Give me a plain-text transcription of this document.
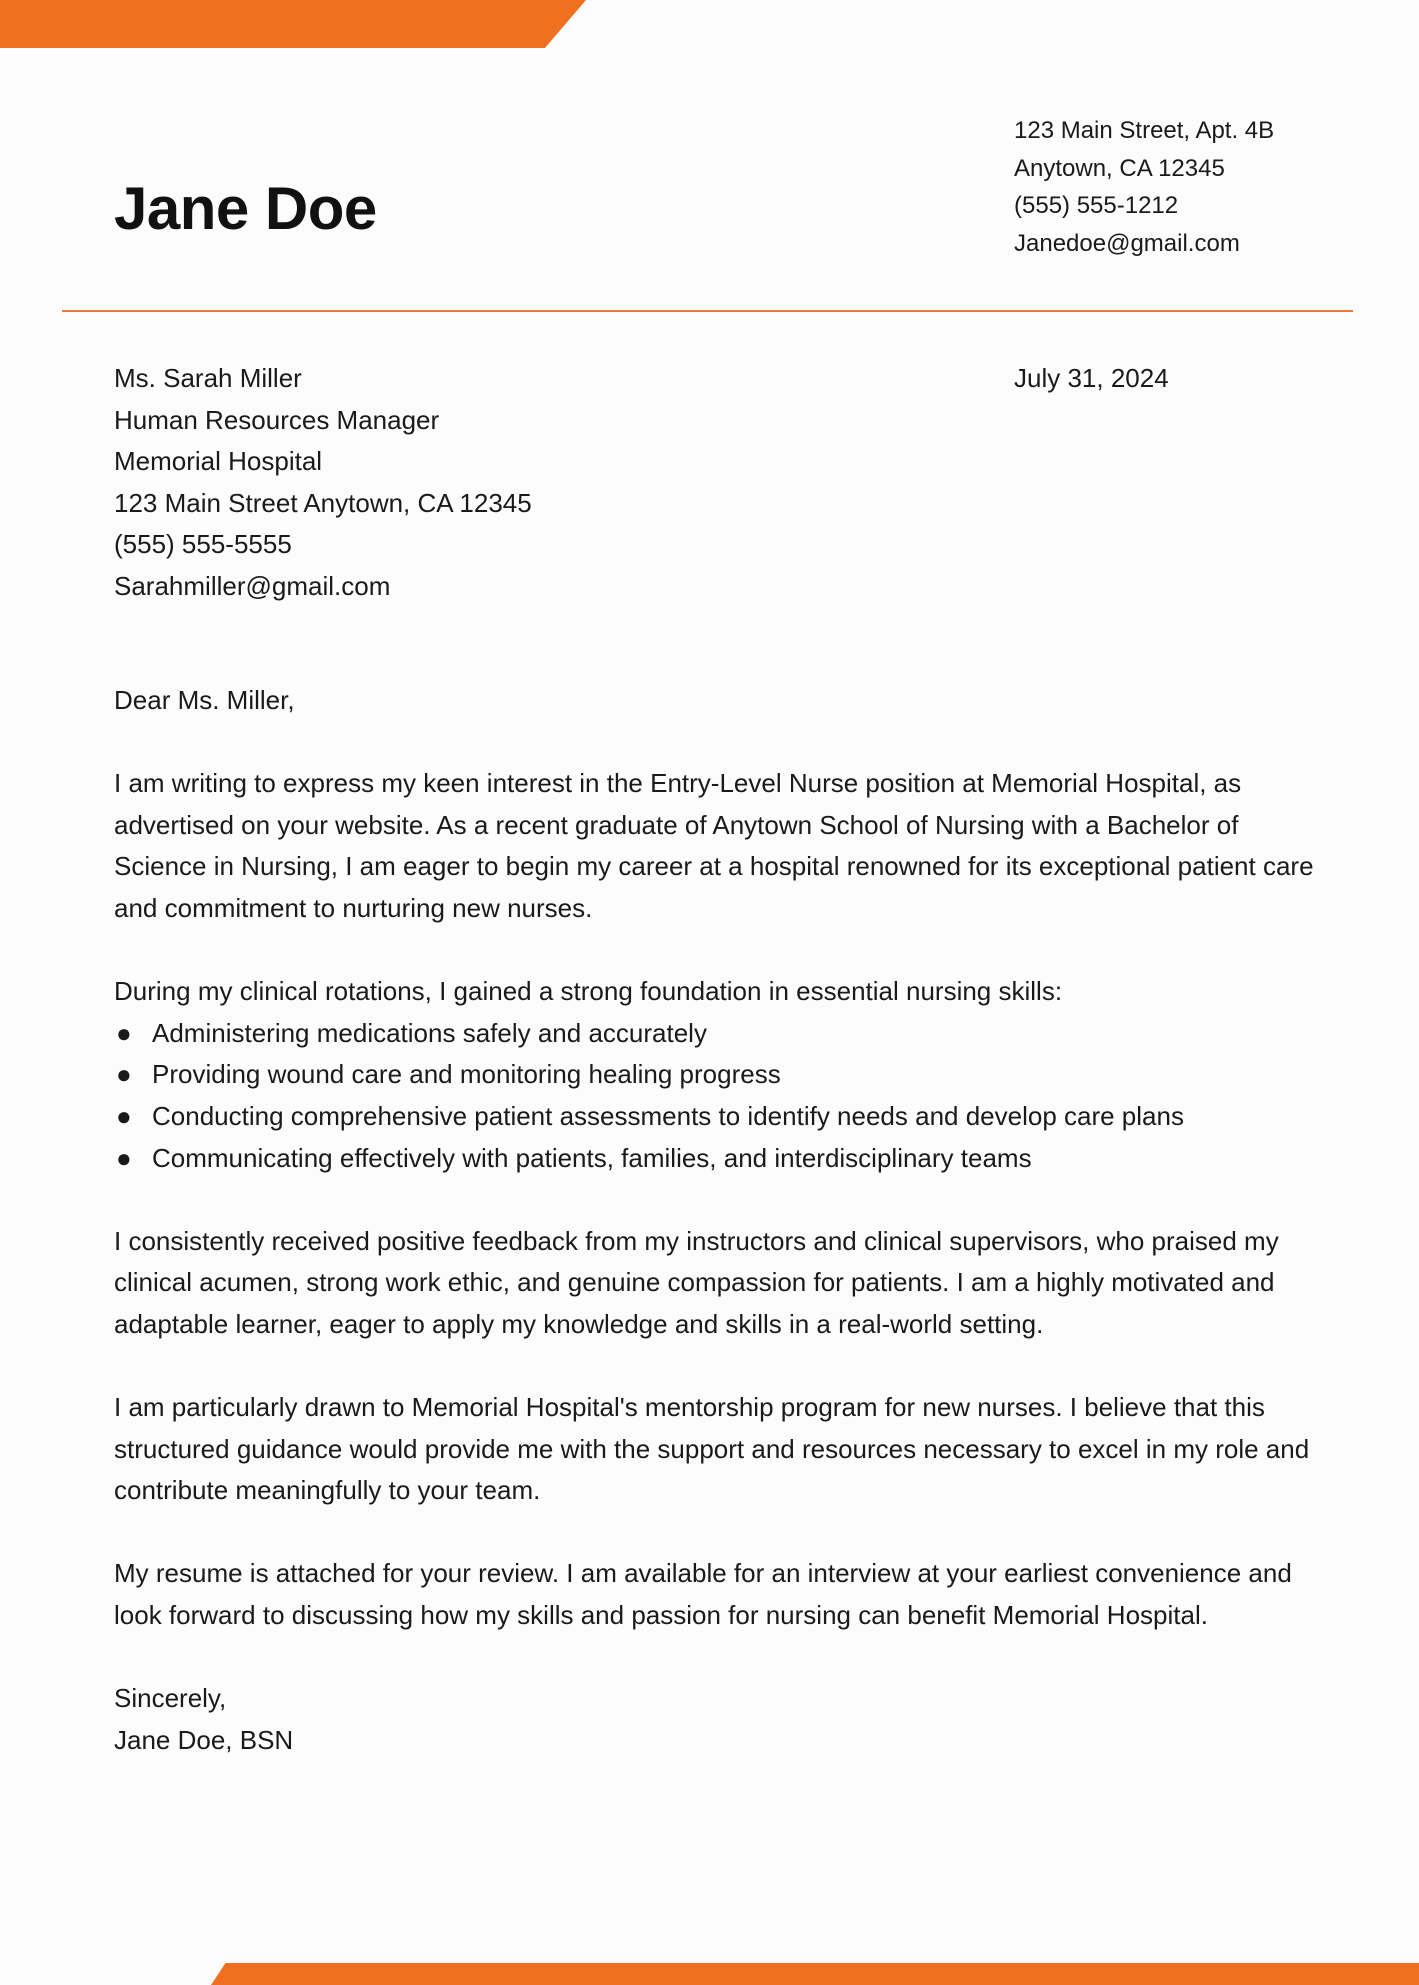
Jane Doe
123 Main Street, Apt. 4B
Anytown, CA 12345
(555) 555-1212
Janedoe@gmail.com
Ms. Sarah Miller
Human Resources Manager
Memorial Hospital
123 Main Street Anytown, CA 12345
(555) 555-5555
Sarahmiller@gmail.com
July 31, 2024

Dear Ms. Miller,

I am writing to express my keen interest in the Entry-Level Nurse position at Memorial Hospital, as advertised on your website. As a recent graduate of Anytown School of Nursing with a Bachelor of Science in Nursing, I am eager to begin my career at a hospital renowned for its exceptional patient care and commitment to nurturing new nurses.

During my clinical rotations, I gained a strong foundation in essential nursing skills:

● Administering medications safely and accurately
● Providing wound care and monitoring healing progress
● Conducting comprehensive patient assessments to identify needs and develop care plans
● Communicating effectively with patients, families, and interdisciplinary teams

I consistently received positive feedback from my instructors and clinical supervisors, who praised my clinical acumen, strong work ethic, and genuine compassion for patients. I am a highly motivated and adaptable learner, eager to apply my knowledge and skills in a real-world setting.

I am particularly drawn to Memorial Hospital's mentorship program for new nurses. I believe that this structured guidance would provide me with the support and resources necessary to excel in my role and contribute meaningfully to your team.

My resume is attached for your review. I am available for an interview at your earliest convenience and look forward to discussing how my skills and passion for nursing can benefit Memorial Hospital.

Sincerely,

Jane Doe, BSN
